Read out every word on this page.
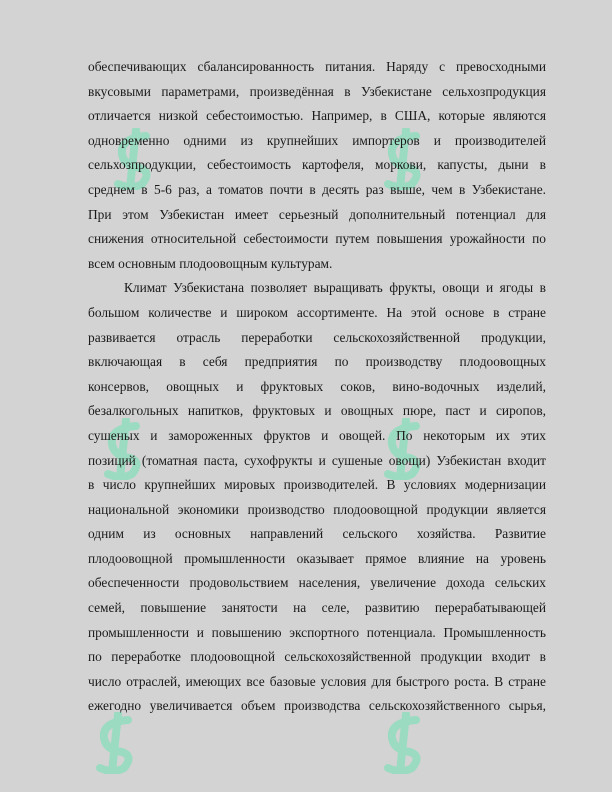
обеспечивающих сбалансированность питания. Наряду с превосходными
вкусовыми параметрами, произведённая в Узбекистане сельхозпродукция
отличается низкой себестоимостью. Например, в США, которые являются
одновременно одними из крупнейших импортеров и производителей
сельхозпродукции, себестоимость картофеля, моркови, капусты, дыни в
среднем в 5-6 раз, а томатов почти в десять раз выше, чем в Узбекистане.
При этом Узбекистан имеет серьезный дополнительный потенциал для
снижения относительной себестоимости путем повышения урожайности по
всем основным плодоовощным культурам.

Климат Узбекистана позволяет выращивать фрукты, овощи и ягоды в
большом количестве и широком ассортименте. На этой основе в стране
развивается отрасль переработки сельскохозяйственной продукции,
включающая в себя предприятия по производству плодоовощных
консервов, овощных и фруктовых соков, вино-водочных изделий,
безалкогольных напитков, фруктовых и овощных пюре, паст и сиропов,
сушеных и замороженных фруктов и овощей. По некоторым их этих
позиций (томатная паста, сухофрукты и сушеные овощи) Узбекистан входит
в число крупнейших мировых производителей. В условиях модернизации
национальной экономики производство плодоовощной продукции является
одним из основных направлений сельского хозяйства. Развитие
плодоовощной промышленности оказывает прямое влияние на уровень
обеспеченности продовольствием населения, увеличение дохода сельских
семей, повышение занятости на селе, развитию перерабатывающей
промышленности и повышению экспортного потенциала. Промышленность
по переработке плодоовощной сельскохозяйственной продукции входит в
число отраслей, имеющих все базовые условия для быстрого роста. В стране
ежегодно увеличивается объем производства сельскохозяйственного сырья,
